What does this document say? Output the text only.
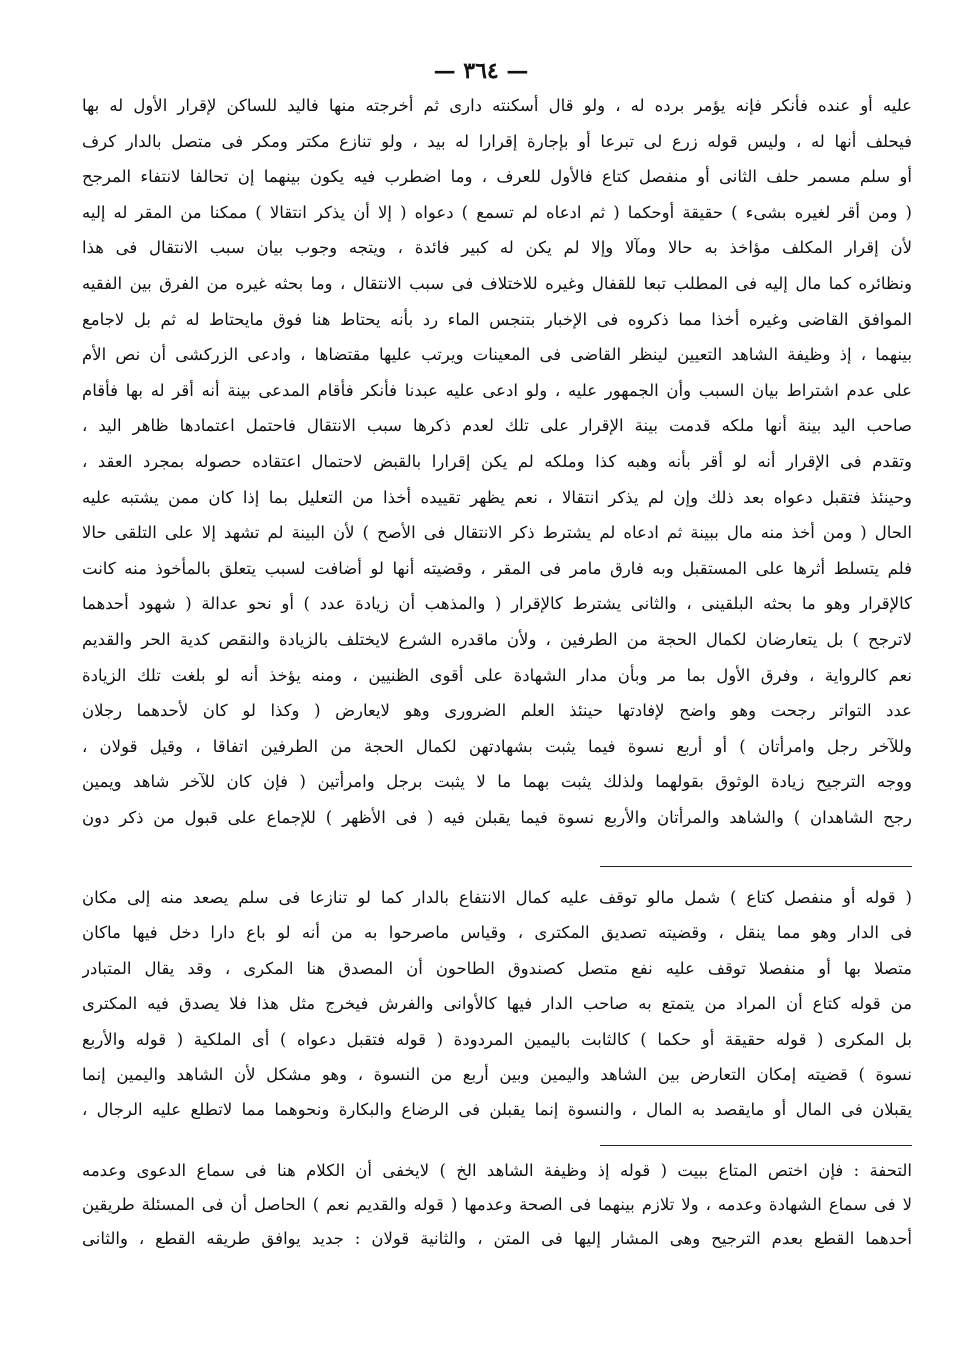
— ٣٦٤ —
عليه أو عنده فأنكر فإنه يؤمر برده له ، ولو قال أسكنته دارى ثم أخرجته منها فاليد للساكن لإقرار الأول له بها
فيحلف أنها له ، وليس قوله زرع لى تبرعا أو بإجارة إقرارا له بيد ، ولو تنازع مكتر ومكر فى متصل بالدار كرف
أو سلم مسمر حلف الثانى أو منفصل كتاع فالأول للعرف ، وما اضطرب فيه يكون بينهما إن تحالفا لانتفاء المرجح
( ومن أقر لغيره بشىء ) حقيقة أوحكما ( ثم ادعاه لم تسمع ) دعواه ( إلا أن يذكر انتقالا ) ممكنا من المقر له إليه
لأن إقرار المكلف مؤاخذ به حالا ومآلا وإلا لم يكن له كبير فائدة ، ويتجه وجوب بيان سبب الانتقال فى هذا
ونظائره كما مال إليه فى المطلب تبعا للقفال وغيره للاختلاف فى سبب الانتقال ، وما بحثه غيره من الفرق بين الفقيه
الموافق القاضى وغيره أخذا مما ذكروه فى الإخبار بتنجس الماء رد بأنه يحتاط هنا فوق مايحتاط له ثم بل لاجامع
بينهما ، إذ وظيفة الشاهد التعيين لينظر القاضى فى المعينات ويرتب عليها مقتضاها ، وادعى الزركشى أن نص الأم
على عدم اشتراط بيان السبب وأن الجمهور عليه ، ولو ادعى عليه عبدنا فأنكر فأقام المدعى بينة أنه أقر له بها فأقام
صاحب اليد بينة أنها ملكه قدمت بينة الإقرار على تلك لعدم ذكرها سبب الانتقال فاحتمل اعتمادها ظاهر اليد ،
وتقدم فى الإقرار أنه لو أقر بأنه وهبه كذا وملكه لم يكن إقرارا بالقبض لاحتمال اعتقاده حصوله بمجرد العقد ،
وحينئذ فتقبل دعواه بعد ذلك وإن لم يذكر انتقالا ، نعم يظهر تقييده أخذا من التعليل بما إذا كان ممن يشتبه عليه
الحال ( ومن أخذ منه مال ببينة ثم ادعاه لم يشترط ذكر الانتقال فى الأصح ) لأن البينة لم تشهد إلا على التلقى حالا
فلم يتسلط أثرها على المستقبل وبه فارق مامر فى المقر ، وقضيته أنها لو أضافت لسبب يتعلق بالمأخوذ منه كانت
كالإقرار وهو ما بحثه البلقينى ، والثانى يشترط كالإقرار ( والمذهب أن زيادة عدد ) أو نحو عدالة ( شهود أحدهما
لاترجح ) بل يتعارضان لكمال الحجة من الطرفين ، ولأن ماقدره الشرع لايختلف بالزيادة والنقص كدية الحر والقديم
نعم كالرواية ، وفرق الأول بما مر وبأن مدار الشهادة على أقوى الظنيين ، ومنه يؤخذ أنه لو بلغت تلك الزيادة
عدد التواتر رجحت وهو واضح لإفادتها حينئذ العلم الضرورى وهو لايعارض ( وكذا لو كان لأحدهما رجلان
وللآخر رجل وامرأتان ) أو أربع نسوة فيما يثبت بشهادتهن لكمال الحجة من الطرفين اتفاقا ، وقيل قولان ،
ووجه الترجيح زيادة الوثوق بقولهما ولذلك يثبت بهما ما لا يثبت برجل وامرأتين ( فإن كان للآخر شاهد ويمين
رجح الشاهدان ) والشاهد والمرأتان والأربع نسوة فيما يقبلن فيه ( فى الأظهر ) للإجماع على قبول من ذكر دون
( قوله أو منفصل كتاع ) شمل مالو توقف عليه كمال الانتفاع بالدار كما لو تنازعا فى سلم يصعد منه إلى مكان
فى الدار وهو مما ينقل ، وقضيته تصديق المكترى ، وقياس ماصرحوا به من أنه لو باع دارا دخل فيها ماكان
متصلا بها أو منفصلا توقف عليه نفع متصل كصندوق الطاحون أن المصدق هنا المكرى ، وقد يقال المتبادر
من قوله كتاع أن المراد من يتمتع به صاحب الدار فيها كالأوانى والفرش فيخرج مثل هذا فلا يصدق فيه المكترى
بل المكرى ( قوله حقيقة أو حكما ) كالثابت باليمين المردودة ( قوله فتقبل دعواه ) أى الملكية ( قوله والأربع
نسوة ) قضيته إمكان التعارض بين الشاهد واليمين وبين أربع من النسوة ، وهو مشكل لأن الشاهد واليمين إنما
يقبلان فى المال أو مايقصد به المال ، والنسوة إنما يقبلن فى الرضاع والبكارة ونحوهما مما لاتطلع عليه الرجال ،
التحفة : فإن اختص المتاع ببيت ( قوله إذ وظيفة الشاهد الخ ) لايخفى أن الكلام هنا فى سماع الدعوى وعدمه
لا فى سماع الشهادة وعدمه ، ولا تلازم بينهما فى الصحة وعدمها ( قوله والقديم نعم ) الحاصل أن فى المسئلة طريقين
أحدهما القطع بعدم الترجيح وهى المشار إليها فى المتن ، والثانية قولان : جديد يوافق طريقه القطع ، والثانى
